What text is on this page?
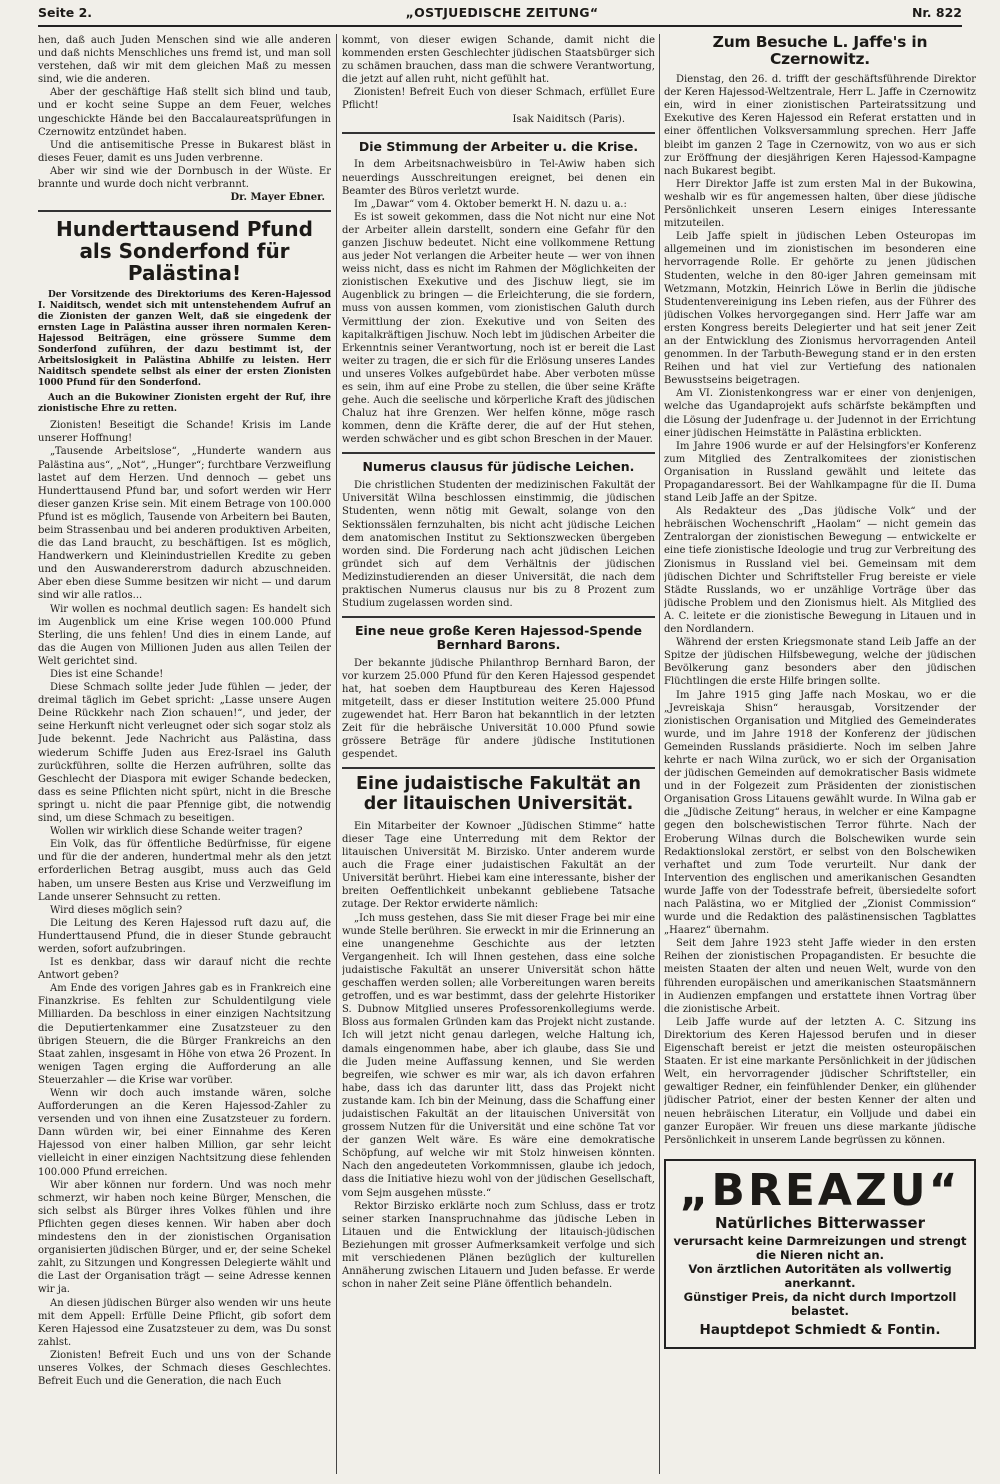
Seite 2.	„OSTJUEDISCHE ZEITUNG“	Nr. 822

hen, daß auch Juden Menschen sind wie alle anderen und daß nichts Menschliches uns fremd ist, und man soll verstehen, daß wir mit dem gleichen Maß zu messen sind, wie die anderen.

Aber der geschäftige Haß stellt sich blind und taub, und er kocht seine Suppe an dem Feuer, welches ungeschickte Hände bei den Baccalaureatsprüfungen in Czernowitz entzündet haben.

Und die antisemitische Presse in Bukarest bläst in dieses Feuer, damit es uns Juden verbrenne.

Aber wir sind wie der Dornbusch in der Wüste. Er brannte und wurde doch nicht verbrannt.

Dr. Mayer Ebner.
Hunderttausend Pfund als Sonderfond für Palästina!

Der Vorsitzende des Direktoriums des Keren-Hajessod I. Naiditsch, wendet sich mit untenstehendem Aufruf an die Zionisten der ganzen Welt, daß sie eingedenk der ernsten Lage in Palästina ausser ihren normalen Keren-Hajessod Beiträgen, eine grössere Summe dem Sonderfond zuführen, der dazu bestimmt ist, der Arbeitslosigkeit in Palästina Abhilfe zu leisten. Herr Naiditsch spendete selbst als einer der ersten Zionisten 1000 Pfund für den Sonderfond.

Auch an die Bukowiner Zionisten ergeht der Ruf, ihre zionistische Ehre zu retten.

Zionisten! Beseitigt die Schande! Krisis im Lande unserer Hoffnung!

„Tausende Arbeitslose“, „Hunderte wandern aus Palästina aus“, „Not“, „Hunger“; furchtbare Verzweiflung lastet auf dem Herzen. Und dennoch — gebet uns Hunderttausend Pfund bar, und sofort werden wir Herr dieser ganzen Krise sein. Mit einem Betrage von 100.000 Pfund ist es möglich, Tausende von Arbeitern bei Bauten, beim Strassenbau und bei anderen produktiven Arbeiten, die das Land braucht, zu beschäftigen. Ist es möglich, Handwerkern und Kleinindustriellen Kredite zu geben und den Auswandererstrom dadurch abzuschneiden. Aber eben diese Summe besitzen wir nicht — und darum sind wir alle ratlos...

Wir wollen es nochmal deutlich sagen: Es handelt sich im Augenblick um eine Krise wegen 100.000 Pfund Sterling, die uns fehlen! Und dies in einem Lande, auf das die Augen von Millionen Juden aus allen Teilen der Welt gerichtet sind.

Dies ist eine Schande!

Diese Schmach sollte jeder Jude fühlen — jeder, der dreimal täglich im Gebet spricht: „Lasse unsere Augen Deine Rückkehr nach Zion schauen!“, und jeder, der seine Herkunft nicht verleugnet oder sich sogar stolz als Jude bekennt. Jede Nachricht aus Palästina, dass wiederum Schiffe Juden aus Erez-Israel ins Galuth zurückführen, sollte die Herzen aufrühren, sollte das Geschlecht der Diaspora mit ewiger Schande bedecken, dass es seine Pflichten nicht spürt, nicht in die Bresche springt u. nicht die paar Pfennige gibt, die notwendig sind, um diese Schmach zu beseitigen.

Wollen wir wirklich diese Schande weiter tragen?

Ein Volk, das für öffentliche Bedürfnisse, für eigene und für die der anderen, hundertmal mehr als den jetzt erforderlichen Betrag ausgibt, muss auch das Geld haben, um unsere Besten aus Krise und Verzweiflung im Lande unserer Sehnsucht zu retten.

Wird dieses möglich sein?

Die Leitung des Keren Hajessod ruft dazu auf, die Hunderttausend Pfund, die in dieser Stunde gebraucht werden, sofort aufzubringen.

Ist es denkbar, dass wir darauf nicht die rechte Antwort geben?

Am Ende des vorigen Jahres gab es in Frankreich eine Finanzkrise. Es fehlten zur Schuldentilgung viele Milliarden. Da beschloss in einer einzigen Nachtsitzung die Deputiertenkammer eine Zusatzsteuer zu den übrigen Steuern, die die Bürger Frankreichs an den Staat zahlen, insgesamt in Höhe von etwa 26 Prozent. In wenigen Tagen erging die Aufforderung an alle Steuerzahler — die Krise war vorüber.

Wenn wir doch auch imstande wären, solche Aufforderungen an die Keren Hajessod-Zahler zu versenden und von ihnen eine Zusatzsteuer zu fordern. Dann würden wir, bei einer Einnahme des Keren Hajessod von einer halben Million, gar sehr leicht vielleicht in einer einzigen Nachtsitzung diese fehlenden 100.000 Pfund erreichen.

Wir aber können nur fordern. Und was noch mehr schmerzt, wir haben noch keine Bürger, Menschen, die sich selbst als Bürger ihres Volkes fühlen und ihre Pflichten gegen dieses kennen. Wir haben aber doch mindestens den in der zionistischen Organisation organisierten jüdischen Bürger, und er, der seine Schekel zahlt, zu Sitzungen und Kongressen Delegierte wählt und die Last der Organisation trägt — seine Adresse kennen wir ja.

An diesen jüdischen Bürger also wenden wir uns heute mit dem Appell: Erfülle Deine Pflicht, gib sofort dem Keren Hajessod eine Zusatzsteuer zu dem, was Du sonst zahlst.

Zionisten! Befreit Euch und uns von der Schande unseres Volkes, der Schmach dieses Geschlechtes. Befreit Euch und die Generation, die nach Euch

kommt, von dieser ewigen Schande, damit nicht die kommenden ersten Geschlechter jüdischen Staatsbürger sich zu schämen brauchen, dass man die schwere Verantwortung, die jetzt auf allen ruht, nicht gefühlt hat.

Zionisten! Befreit Euch von dieser Schmach, erfüllet Eure Pflicht!

Isak Naiditsch (Paris).
Die Stimmung der Arbeiter u. die Krise.

In dem Arbeitsnachweisbüro in Tel-Awiw haben sich neuerdings Ausschreitungen ereignet, bei denen ein Beamter des Büros verletzt wurde.

Im „Dawar“ vom 4. Oktober bemerkt H. N. dazu u. a.:

Es ist soweit gekommen, dass die Not nicht nur eine Not der Arbeiter allein darstellt, sondern eine Gefahr für den ganzen Jischuw bedeutet. Nicht eine vollkommene Rettung aus jeder Not verlangen die Arbeiter heute — wer von ihnen weiss nicht, dass es nicht im Rahmen der Möglichkeiten der zionistischen Exekutive und des Jischuw liegt, sie im Augenblick zu bringen — die Erleichterung, die sie fordern, muss von aussen kommen, vom zionistischen Galuth durch Vermittlung der zion. Exekutive und von Seiten des kapitalkräftigen Jischuw. Noch lebt im jüdischen Arbeiter die Erkenntnis seiner Verantwortung, noch ist er bereit die Last weiter zu tragen, die er sich für die Erlösung unseres Landes und unseres Volkes aufgebürdet habe. Aber verboten müsse es sein, ihm auf eine Probe zu stellen, die über seine Kräfte gehe. Auch die seelische und körperliche Kraft des jüdischen Chaluz hat ihre Grenzen. Wer helfen könne, möge rasch kommen, denn die Kräfte derer, die auf der Hut stehen, werden schwächer und es gibt schon Breschen in der Mauer.

Numerus clausus für jüdische Leichen.

Die christlichen Studenten der medizinischen Fakultät der Universität Wilna beschlossen einstimmig, die jüdischen Studenten, wenn nötig mit Gewalt, solange von den Sektionssälen fernzuhalten, bis nicht acht jüdische Leichen dem anatomischen Institut zu Sektionszwecken übergeben worden sind. Die Forderung nach acht jüdischen Leichen gründet sich auf dem Verhältnis der jüdischen Medizinstudierenden an dieser Universität, die nach dem praktischen Numerus clausus nur bis zu 8 Prozent zum Studium zugelassen worden sind.

Eine neue große Keren Hajessod-Spende Bernhard Barons.

Der bekannte jüdische Philanthrop Bernhard Baron, der vor kurzem 25.000 Pfund für den Keren Hajessod gespendet hat, hat soeben dem Hauptbureau des Keren Hajessod mitgeteilt, dass er dieser Institution weitere 25.000 Pfund zugewendet hat. Herr Baron hat bekanntlich in der letzten Zeit für die hebräische Universität 10.000 Pfund sowie grössere Beträge für andere jüdische Institutionen gespendet.

Eine judaistische Fakultät an der litauischen Universität.

Ein Mitarbeiter der Kownoer „Jüdischen Stimme“ hatte dieser Tage eine Unterredung mit dem Rektor der litauischen Universität M. Birzisko. Unter anderem wurde auch die Frage einer judaistischen Fakultät an der Universität berührt. Hiebei kam eine interessante, bisher der breiten Oeffentlichkeit unbekannt gebliebene Tatsache zutage. Der Rektor erwiderte nämlich:

„Ich muss gestehen, dass Sie mit dieser Frage bei mir eine wunde Stelle berühren. Sie erweckt in mir die Erinnerung an eine unangenehme Geschichte aus der letzten Vergangenheit. Ich will Ihnen gestehen, dass eine solche judaistische Fakultät an unserer Universität schon hätte geschaffen werden sollen; alle Vorbereitungen waren bereits getroffen, und es war bestimmt, dass der gelehrte Historiker S. Dubnow Mitglied unseres Professorenkollegiums werde. Bloss aus formalen Gründen kam das Projekt nicht zustande. Ich will jetzt nicht genau darlegen, welche Haltung ich, damals eingenommen habe, aber ich glaube, dass Sie und die Juden meine Auffassung kennen, und Sie werden begreifen, wie schwer es mir war, als ich davon erfahren habe, dass ich das darunter litt, dass das Projekt nicht zustande kam. Ich bin der Meinung, dass die Schaffung einer judaistischen Fakultät an der litauischen Universität von grossem Nutzen für die Universität und eine schöne Tat vor der ganzen Welt wäre. Es wäre eine demokratische Schöpfung, auf welche wir mit Stolz hinweisen könnten. Nach den angedeuteten Vorkommnissen, glaube ich jedoch, dass die Initiative hiezu wohl von der jüdischen Gesellschaft, vom Sejm ausgehen müsste.“

Rektor Birzisko erklärte noch zum Schluss, dass er trotz seiner starken Inanspruchnahme das jüdische Leben in Litauen und die Entwicklung der litauisch-jüdischen Beziehungen mit grosser Aufmerksamkeit verfolge und sich mit verschiedenen Plänen bezüglich der kulturellen Annäherung zwischen Litauern und Juden befasse. Er werde schon in naher Zeit seine Pläne öffentlich behandeln.

Zum Besuche L. Jaffe's in Czernowitz.

Dienstag, den 26. d. trifft der geschäftsführende Direktor der Keren Hajessod-Weltzentrale, Herr L. Jaffe in Czernowitz ein, wird in einer zionistischen Parteiratssitzung und Exekutive des Keren Hajessod ein Referat erstatten und in einer öffentlichen Volksversammlung sprechen. Herr Jaffe bleibt im ganzen 2 Tage in Czernowitz, von wo aus er sich zur Eröffnung der diesjährigen Keren Hajessod-Kampagne nach Bukarest begibt.

Herr Direktor Jaffe ist zum ersten Mal in der Bukowina, weshalb wir es für angemessen halten, über diese jüdische Persönlichkeit unseren Lesern einiges Interessante mitzuteilen.

Leib Jaffe spielt in jüdischen Leben Osteuropas im allgemeinen und im zionistischen im besonderen eine hervorragende Rolle. Er gehörte zu jenen jüdischen Studenten, welche in den 80-iger Jahren gemeinsam mit Wetzmann, Motzkin, Heinrich Löwe in Berlin die jüdische Studentenvereinigung ins Leben riefen, aus der Führer des jüdischen Volkes hervorgegangen sind. Herr Jaffe war am ersten Kongress bereits Delegierter und hat seit jener Zeit an der Entwicklung des Zionismus hervorragenden Anteil genommen. In der Tarbuth-Bewegung stand er in den ersten Reihen und hat viel zur Vertiefung des nationalen Bewusstseins beigetragen.

Am VI. Zionistenkongress war er einer von denjenigen, welche das Ugandaprojekt aufs schärfste bekämpften und die Lösung der Judenfrage u. der Judennot in der Errichtung einer jüdischen Heimstätte in Palästina erblickten.

Im Jahre 1906 wurde er auf der Helsingfors'er Konferenz zum Mitglied des Zentralkomitees der zionistischen Organisation in Russland gewählt und leitete das Propagandaressort. Bei der Wahlkampagne für die II. Duma stand Leib Jaffe an der Spitze.

Als Redakteur des „Das jüdische Volk“ und der hebräischen Wochenschrift „Haolam“ — nicht gemein das Zentralorgan der zionistischen Bewegung — entwickelte er eine tiefe zionistische Ideologie und trug zur Verbreitung des Zionismus in Russland viel bei. Gemeinsam mit dem jüdischen Dichter und Schriftsteller Frug bereiste er viele Städte Russlands, wo er unzählige Vorträge über das jüdische Problem und den Zionismus hielt. Als Mitglied des A. C. leitete er die zionistische Bewegung in Litauen und in den Nordlandern.

Während der ersten Kriegsmonate stand Leib Jaffe an der Spitze der jüdischen Hilfsbewegung, welche der jüdischen Bevölkerung ganz besonders aber den jüdischen Flüchtlingen die erste Hilfe bringen sollte.

Im Jahre 1915 ging Jaffe nach Moskau, wo er die „Jevreiskaja Shisn“ herausgab, Vorsitzender der zionistischen Organisation und Mitglied des Gemeinderates wurde, und im Jahre 1918 der Konferenz der jüdischen Gemeinden Russlands präsidierte. Noch im selben Jahre kehrte er nach Wilna zurück, wo er sich der Organisation der jüdischen Gemeinden auf demokratischer Basis widmete und in der Folgezeit zum Präsidenten der zionistischen Organisation Gross Litauens gewählt wurde. In Wilna gab er die „Jüdische Zeitung“ heraus, in welcher er eine Kampagne gegen den bolschewistischen Terror führte. Nach der Eroberung Wilnas durch die Bolschewiken wurde sein Redaktionslokal zerstört, er selbst von den Bolschewiken verhaftet und zum Tode verurteilt. Nur dank der Intervention des englischen und amerikanischen Gesandten wurde Jaffe von der Todesstrafe befreit, übersiedelte sofort nach Palästina, wo er Mitglied der „Zionist Commission“ wurde und die Redaktion des palästinensischen Tagblattes „Haarez“ übernahm.

Seit dem Jahre 1923 steht Jaffe wieder in den ersten Reihen der zionistischen Propagandisten. Er besuchte die meisten Staaten der alten und neuen Welt, wurde von den führenden europäischen und amerikanischen Staatsmännern in Audienzen empfangen und erstattete ihnen Vortrag über die zionistische Arbeit.

Leib Jaffe wurde auf der letzten A. C. Sitzung ins Direktorium des Keren Hajessod berufen und in dieser Eigenschaft bereist er jetzt die meisten osteuropäischen Staaten. Er ist eine markante Persönlichkeit in der jüdischen Welt, ein hervorragender jüdischer Schriftsteller, ein gewaltiger Redner, ein feinfühlender Denker, ein glühender jüdischer Patriot, einer der besten Kenner der alten und neuen hebräischen Literatur, ein Volljude und dabei ein ganzer Europäer. Wir freuen uns diese markante jüdische Persönlichkeit in unserem Lande begrüssen zu können.

„BREAZU“
Natürliches Bitterwasser
verursacht keine Darmreizungen und strengt die Nieren nicht an.
Von ärztlichen Autoritäten als vollwertig anerkannt.
Günstiger Preis, da nicht durch Importzoll belastet.
Hauptdepot Schmiedt & Fontin.
